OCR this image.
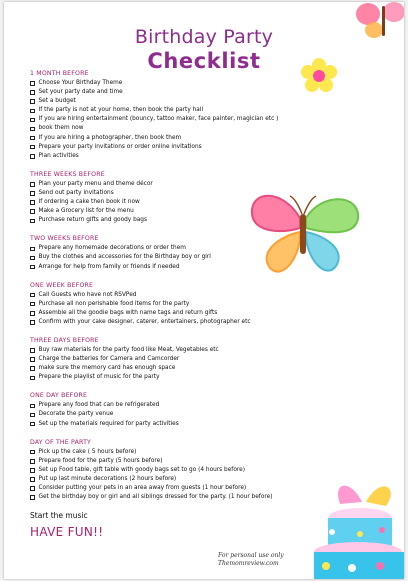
Birthday Party
Checklist
1 MONTH BEFORE
Choose Your Birthday Theme
Set your party date and time
Set a budget
If the party is not at your home, then book the party hall
If you are hiring entertainment (bouncy, tattoo maker, face painter, magician etc )
book them now
If you are hiring a photographer, then book them
Prepare your party invitations or order online invitations
Plan activities
THREE WEEKS BEFORE
Plan your party menu and theme décor
Send out party invitations
If ordering a cake then book it now
Make a Grocery list for the menu
Purchase return gifts and goody bags
TWO WEEKS BEFORE
Prepare any homemade decorations or order them
Buy the clothes and accessories for the Birthday boy or girl
Arrange for help from family or friends if needed
ONE WEEK BEFORE
Call Guests who have not RSVPed
Purchase all non perishable food items for the party
Assemble all the goodie bags with name tags and return gifts
Confirm with your cake designer, caterer, entertainers, photographer etc
THREE DAYS BEFORE
Buy raw materials for the party food like Meat, Vegetables etc
Charge the batteries for Camera and Camcorder
make sure the memory card has enough space
Prepare the playlist of music for the party
ONE DAY BEFORE
Prepare any food that can be refrigerated
Decorate the party venue
Set up the materials required for party activities
DAY OF THE PARTY
Pick up the cake ( 5 hours before)
Prepare food for the party (5 hours before)
Set up Food table, gift table with goody bags set to go (4 hours before)
Put up last minute decorations (2 hours before)
Consider putting your pets in an area away from guests (1 hour before)
Get the birthday boy or girl and all siblings dressed for the party. (1 hour before)
Start the music
HAVE FUN!!
For personal use only
Themomreview.com
